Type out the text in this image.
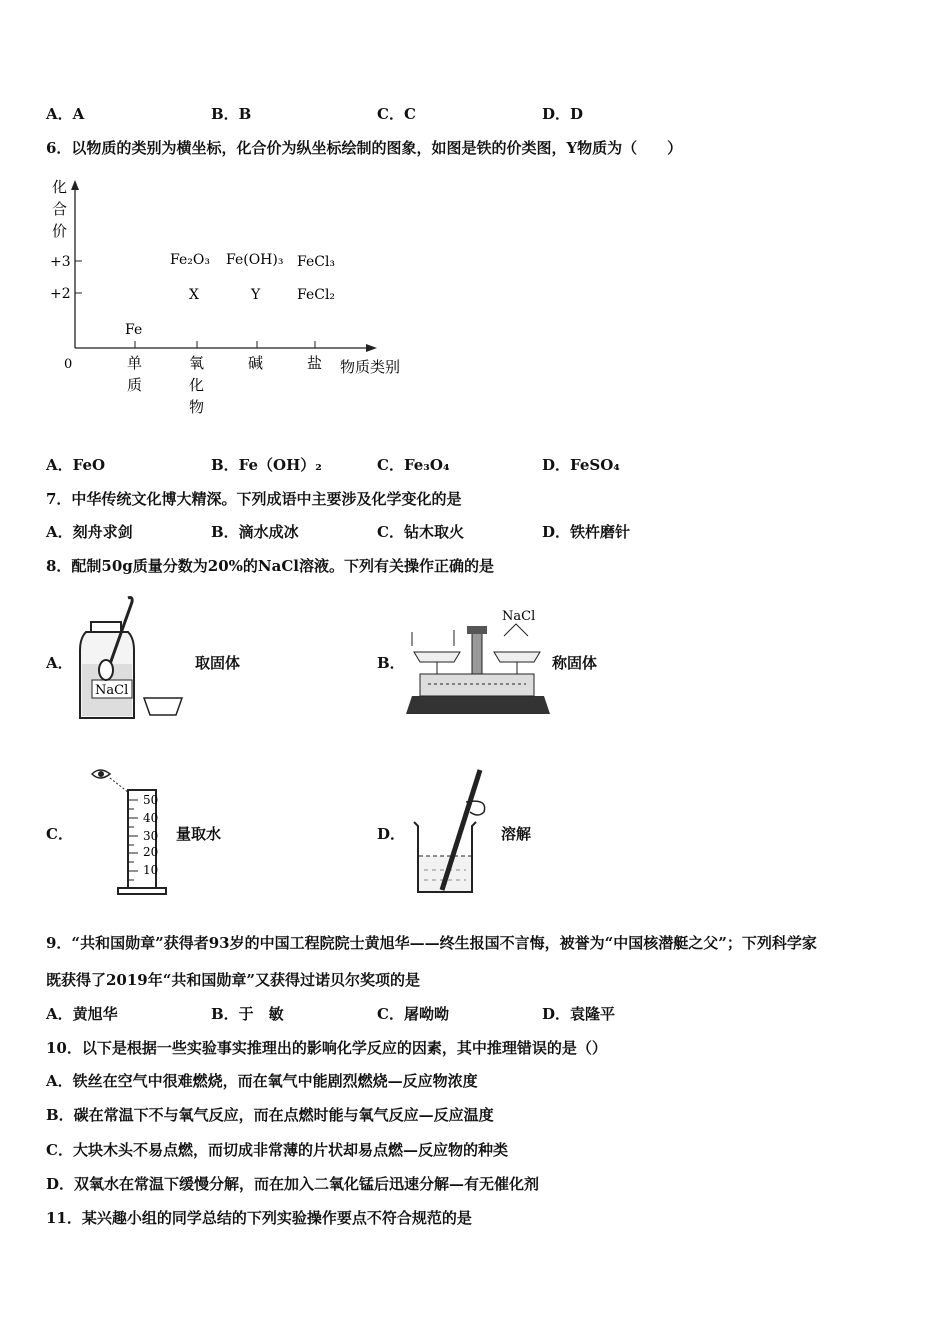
A．A	B．B	C．C	D．D
6．以物质的类别为横坐标，化合价为纵坐标绘制的图象，如图是铁的价类图，Y物质为（　　）
化
合
价
+3
+2
0	单
质
氧
化
物
碱	盐 物质类别
Fe₂O₃ Fe(OH)₃ FeCl₃
X	Y	FeCl₂
Fe
A．FeO	B．Fe（OH）₂	C．Fe₃O₄	D．FeSO₄
7．中华传统文化博大精深。下列成语中主要涉及化学变化的是
A．刻舟求剑	B．滴水成冰	C．钻木取火	D．铁杵磨针
8．配制50g质量分数为20%的NaCl溶液。下列有关操作正确的是
A．
NaCl
取固体	B．
NaCl
称固体
C．
50
40
30
20
10
量取水	D．	溶解
9．“共和国勋章”获得者93岁的中国工程院院士黄旭华——终生报国不言悔，被誉为“中国核潜艇之父”；下列科学家
既获得了2019年“共和国勋章”又获得过诺贝尔奖项的是
A．黄旭华	B．于　敏	C．屠呦呦	D．袁隆平
10．以下是根据一些实验事实推理出的影响化学反应的因素，其中推理错误的是（）
A．铁丝在空气中很难燃烧，而在氧气中能剧烈燃烧—反应物浓度
B．碳在常温下不与氧气反应，而在点燃时能与氧气反应—反应温度
C．大块木头不易点燃，而切成非常薄的片状却易点燃—反应物的种类
D．双氧水在常温下缓慢分解，而在加入二氧化锰后迅速分解—有无催化剂
11．某兴趣小组的同学总结的下列实验操作要点不符合规范的是
